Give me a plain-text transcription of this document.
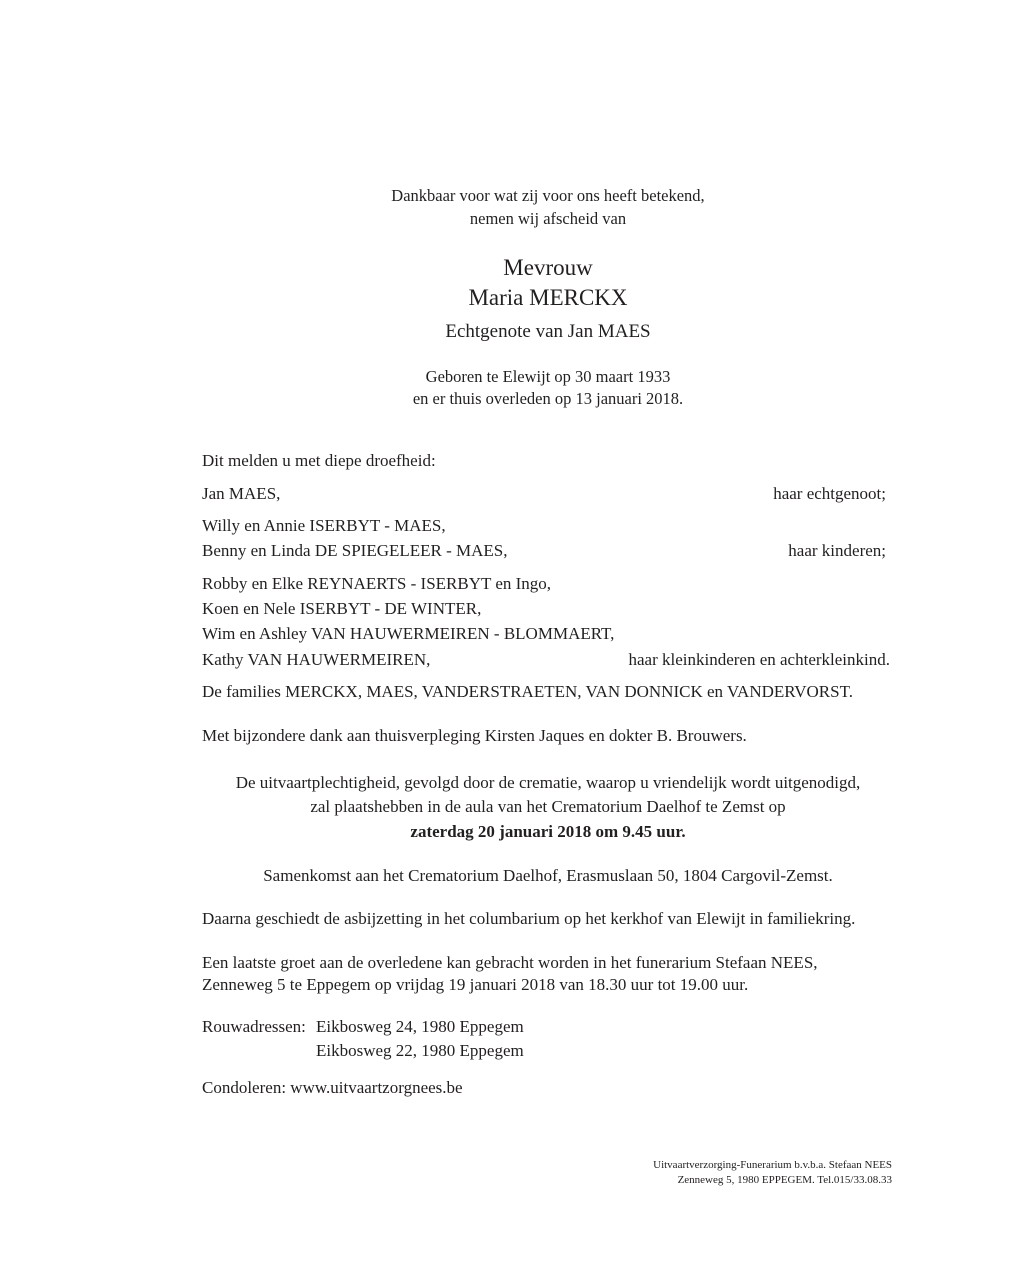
Dankbaar voor wat zij voor ons heeft betekend,
nemen wij afscheid van
Mevrouw
Maria MERCKX
Echtgenote van Jan MAES
Geboren te Elewijt op 30 maart 1933
en er thuis overleden op 13 januari 2018.
Dit melden u met diepe droefheid:
Jan MAES,	haar echtgenoot;
Willy en Annie ISERBYT - MAES,
Benny en Linda DE SPIEGELEER - MAES,	haar kinderen;
Robby en Elke REYNAERTS - ISERBYT en Ingo,
Koen en Nele ISERBYT - DE WINTER,
Wim en Ashley VAN HAUWERMEIREN - BLOMMAERT,
Kathy VAN HAUWERMEIREN,	haar kleinkinderen en achterkleinkind.
De families MERCKX, MAES, VANDERSTRAETEN, VAN DONNICK en VANDERVORST.
Met bijzondere dank aan thuisverpleging Kirsten Jaques en dokter B. Brouwers.
De uitvaartplechtigheid, gevolgd door de crematie, waarop u vriendelijk wordt uitgenodigd,
zal plaatshebben in de aula van het Crematorium Daelhof te Zemst op
zaterdag 20 januari 2018 om 9.45 uur.
Samenkomst aan het Crematorium Daelhof, Erasmuslaan 50, 1804 Cargovil-Zemst.
Daarna geschiedt de asbijzetting in het columbarium op het kerkhof van Elewijt in familiekring.
Een laatste groet aan de overledene kan gebracht worden in het funerarium Stefaan NEES,
Zenneweg 5 te Eppegem op vrijdag 19 januari 2018 van 18.30 uur tot 19.00 uur.
Rouwadressen: Eikbosweg 24, 1980 Eppegem
Eikbosweg 22, 1980 Eppegem
Condoleren: www.uitvaartzorgnees.be
Uitvaartverzorging-Funerarium b.v.b.a. Stefaan NEES
Zenneweg 5, 1980 EPPEGEM. Tel.015/33.08.33
